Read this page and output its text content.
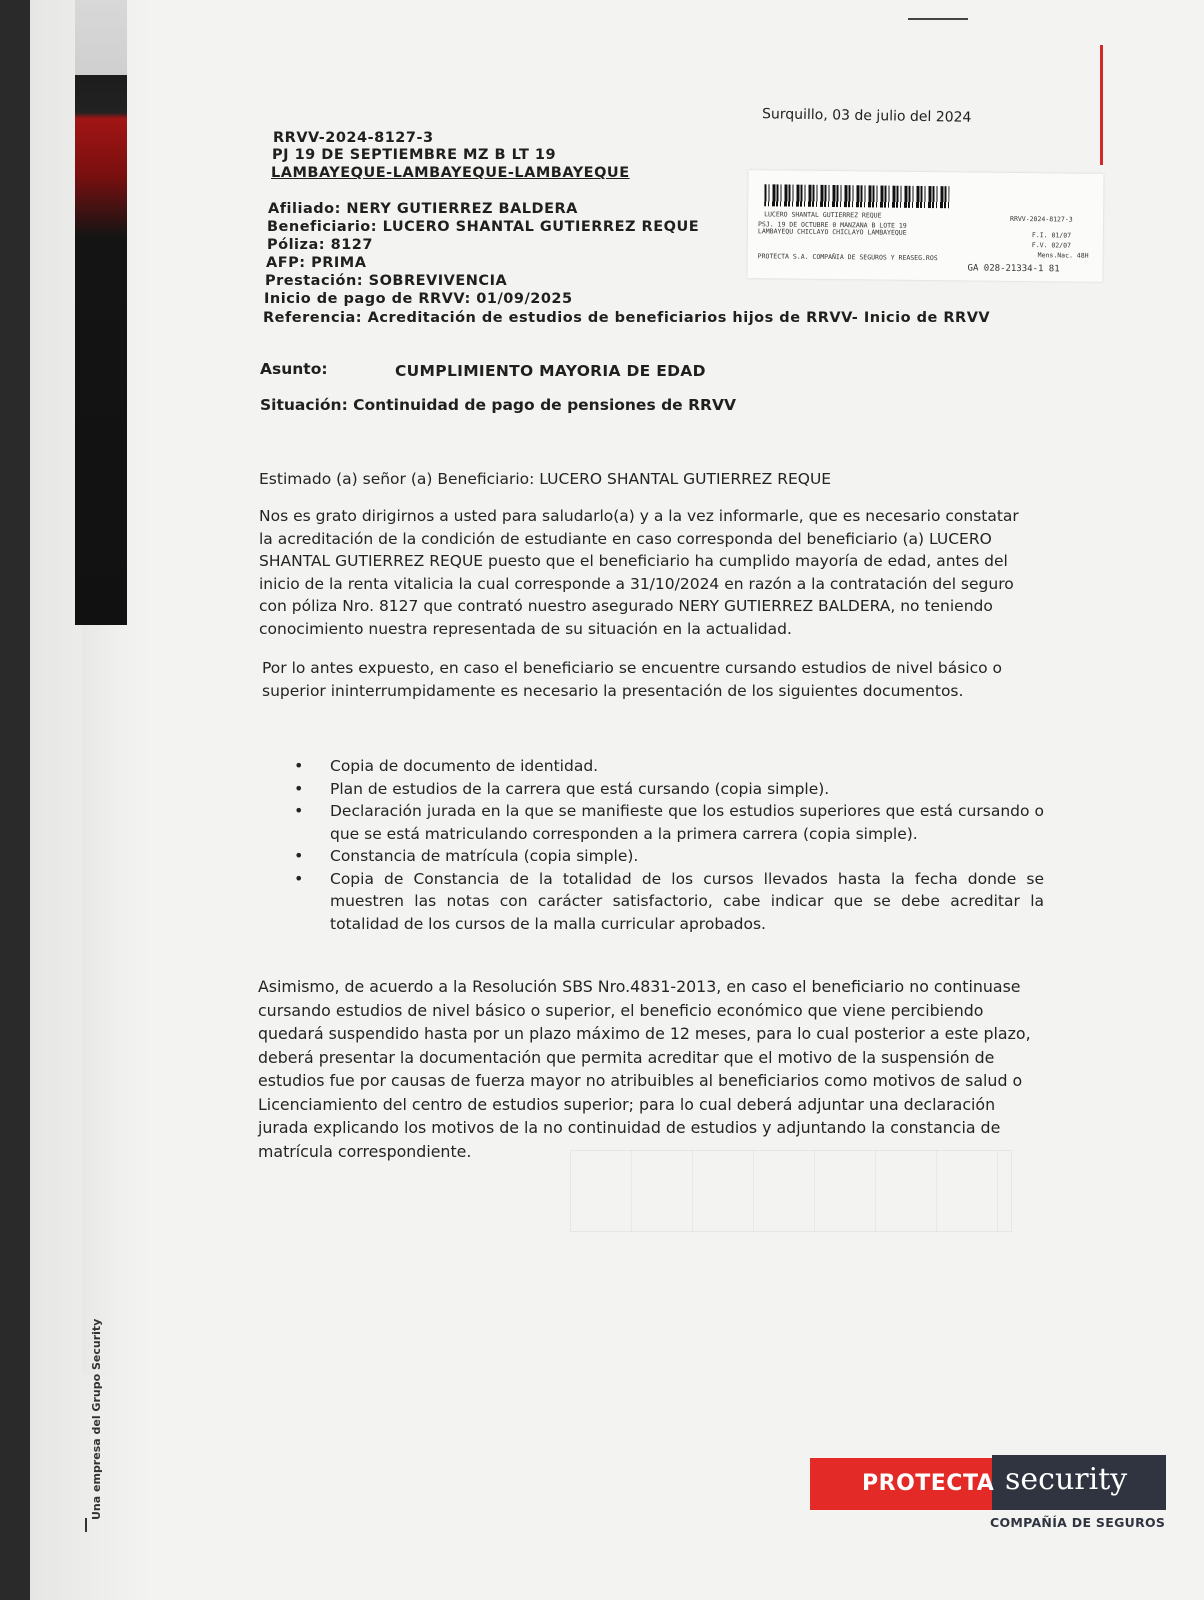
Surquillo, 03 de julio del 2024
RRVV-2024-8127-3
PJ 19 DE SEPTIEMBRE MZ B LT 19
LAMBAYEQUE-LAMBAYEQUE-LAMBAYEQUE
Afiliado: NERY GUTIERREZ BALDERA
Beneficiario: LUCERO SHANTAL GUTIERREZ REQUE
Póliza: 8127
AFP: PRIMA
Prestación: SOBREVIVENCIA
Inicio de pago de RRVV: 01/09/2025
Referencia: Acreditación de estudios de beneficiarios hijos de RRVV- Inicio de RRVV
LUCERO SHANTAL GUTIERREZ REQUE	RRVV-2024-8127-3
PSJ. 19 DE OCTUBRE 0 MANZANA B LOTE 19
LAMBAYEQU CHICLAYO CHICLAYO LAMBAYEQUE	F.I. 01/07
F.V. 02/07
Mens.Nac. 48H
PROTECTA S.A. COMPAÑIA DE SEGUROS Y REASEG.ROS
GA 028-21334-1 81
Asunto:	CUMPLIMIENTO MAYORIA DE EDAD
Situación: Continuidad de pago de pensiones de RRVV
Estimado (a) señor (a) Beneficiario: LUCERO SHANTAL GUTIERREZ REQUE

Nos es grato dirigirnos a usted para saludarlo(a) y a la vez informarle, que es necesario constatar

la acreditación de la condición de estudiante en caso corresponda del beneficiario (a) LUCERO

SHANTAL GUTIERREZ REQUE puesto que el beneficiario ha cumplido mayoría de edad, antes del

inicio de la renta vitalicia la cual corresponde a 31/10/2024 en razón a la contratación del seguro

con póliza Nro. 8127 que contrató nuestro asegurado NERY GUTIERREZ BALDERA, no teniendo

conocimiento nuestra representada de su situación en la actualidad.

Por lo antes expuesto, en caso el beneficiario se encuentre cursando estudios de nivel básico o

superior ininterrumpidamente es necesario la presentación de los siguientes documentos.

• Copia de documento de identidad.
• Plan de estudios de la carrera que está cursando (copia simple).
• Declaración jurada en la que se manifieste que los estudios superiores que está cursando o que se está matriculando corresponden a la primera carrera (copia simple).
• Constancia de matrícula (copia simple).
• Copia de Constancia de la totalidad de los cursos llevados hasta la fecha donde se muestren las notas con carácter satisfactorio, cabe indicar que se debe acreditar la totalidad de los cursos de la malla curricular aprobados.

Asimismo, de acuerdo a la Resolución SBS Nro.4831-2013, en caso el beneficiario no continuase

cursando estudios de nivel básico o superior, el beneficio económico que viene percibiendo

quedará suspendido hasta por un plazo máximo de 12 meses, para lo cual posterior a este plazo,

deberá presentar la documentación que permita acreditar que el motivo de la suspensión de

estudios fue por causas de fuerza mayor no atribuibles al beneficiarios como motivos de salud o

Licenciamiento del centro de estudios superior; para lo cual deberá adjuntar una declaración

jurada explicando los motivos de la no continuidad de estudios y adjuntando la constancia de

matrícula correspondiente.

Una empresa del Grupo Security	PROTECTA security
COMPAÑÍA DE SEGUROS
